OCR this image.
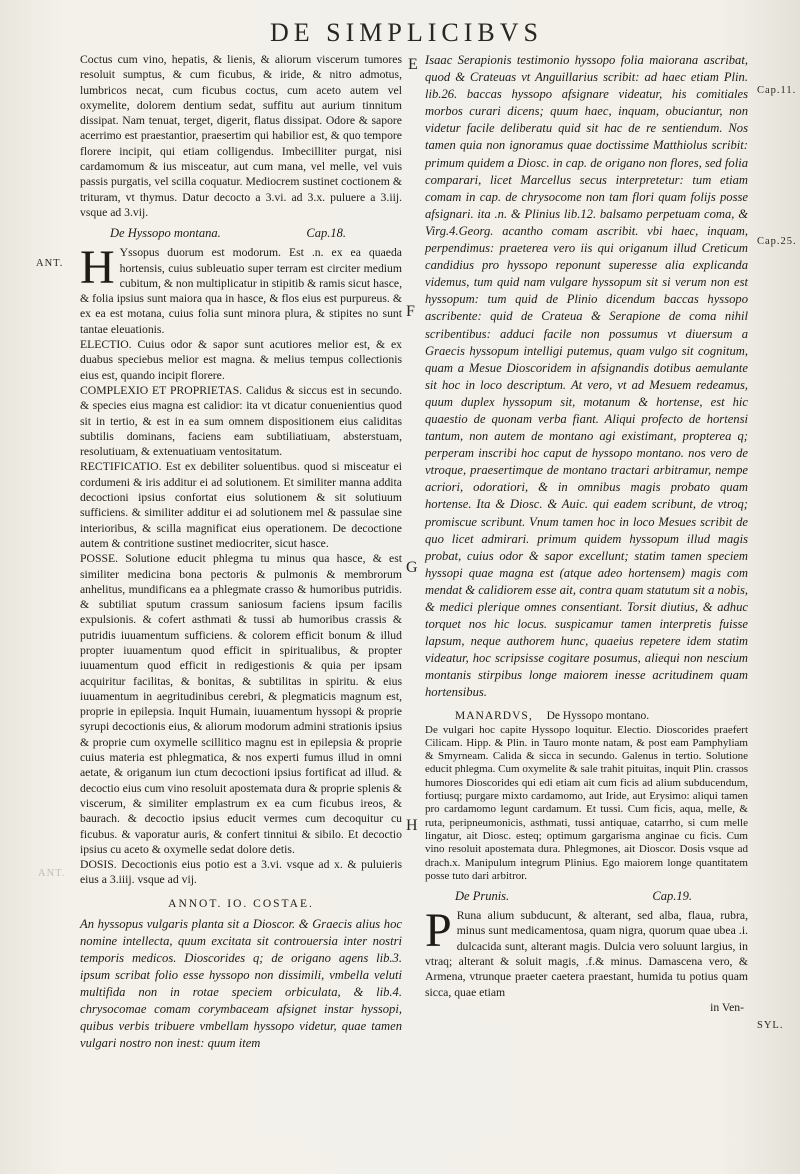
DE SIMPLICIBVS
E
F
G
H
ANT.
ANT.
Cap.11.
Cap.25.
SYL.

Coctus cum vino, hepatis, & lienis, & aliorum viscerum tumores resoluit sumptus, & cum ficubus, & iride, & nitro admotus, lumbricos necat, cum ficubus coctus, cum aceto autem vel oxymelite, dolorem dentium sedat, suffitu aut aurium tinnitum dissipat. Nam tenuat, terget, digerit, flatus dissipat. Odore & sapore acerrimo est praestantior, praesertim qui habilior est, & quo tempore florere incipit, qui etiam colligendus. Imbecilliter purgat, nisi cardamomum & ius misceatur, aut cum mana, vel melle, vel vuis passis purgatis, vel scilla coquatur. Mediocrem sustinet coctionem & trituram, vt thymus. Datur decocto a 3.vi. ad 3.x. puluere a 3.iij. vsque ad 3.vij.

De Hyssopo montana.	Cap.18.

H Yssopus duorum est modorum. Est .n. ex ea quaeda hortensis, cuius subleuatio super terram est circiter medium cubitum, & non multiplicatur in stipitib & ramis sicut hasce, & folia ipsius sunt maiora qua in hasce, & flos eius est purpureus. & ex ea est motana, cuius folia sunt minora plura, & stipites no sunt tantae eleuationis.

ELECTIO. Cuius odor & sapor sunt acutiores melior est, & ex duabus speciebus melior est magna. & melius tempus collectionis eius est, quando incipit florere.

COMPLEXIO ET PROPRIETAS. Calidus & siccus est in secundo. & species eius magna est calidior: ita vt dicatur conuenientius quod sit in tertio, & est in ea sum omnem dispositionem eius caliditas subtilis dominans, faciens eam subtiliatiuam, absterstuam, resolutiuam, & extenuatiuam ventositatum.

RECTIFICATIO. Est ex debiliter soluentibus. quod si misceatur ei cordumeni & iris additur ei ad solutionem. Et similiter manna addita decoctioni ipsius confortat eius solutionem & sit solutiuum sufficiens. & similiter additur ei ad solutionem mel & passulae sine interioribus, & scilla magnificat eius operationem. De decoctione autem & contritione sustinet mediocriter, sicut hasce.

POSSE. Solutione educit phlegma tu minus qua hasce, & est similiter medicina bona pectoris & pulmonis & membrorum anhelitus, mundificans ea a phlegmate crasso & humoribus putridis. & subtiliat sputum crassum saniosum faciens ipsum facilis expulsionis. & cofert asthmati & tussi ab humoribus crassis & putridis iuuamentum sufficiens. & colorem efficit bonum & illud propter iuuamentum quod efficit in spiritualibus, & propter iuuamentum quod efficit in redigestionis & quia per ipsam acquiritur facilitas, & bonitas, & subtilitas in spiritu. & eius iuuamentum in aegritudinibus cerebri, & plegmaticis magnum est, proprie in epilepsia. Inquit Humain, iuuamentum hyssopi & proprie syrupi decoctionis eius, & aliorum modorum admini strationis ipsius & proprie cum oxymelle scillitico magnu est in epilepsia & proprie cuius materia est phlegmatica, & nos experti fumus illud in omni aetate, & origanum iun ctum decoctioni ipsius fortificat ad illud. & decoctio eius cum vino resoluit apostemata dura & proprie splenis & viscerum, & similiter emplastrum ex ea cum ficubus ireos, & baurach. & decoctio ipsius educit vermes cum decoquitur cu ficubus. & vaporatur auris, & confert tinnitui & sibilo. Et decoctio ipsius cu aceto & oxymelle sedat dolore detis.

DOSIS. Decoctionis eius potio est a 3.vi. vsque ad x. & puluieris eius a 3.iiij. vsque ad vij.

ANNOT. IO. COSTAE.

An hyssopus vulgaris planta sit a Dioscor. & Graecis alius hoc nomine intellecta, quum excitata sit controuersia inter nostri temporis medicos. Dioscorides q; de origano agens lib.3. ipsum scribat folio esse hyssopo non dissimili, vmbella veluti multifida non in rotae speciem orbiculata, & lib.4. chrysocomae comam corymbaceam afsignet instar hyssopi, quibus verbis tribuere vmbellam hyssopo videtur, quae tamen vulgari nostro non inest: quum item

Isaac Serapionis testimonio hyssopo folia maiorana ascribat, quod & Crateuas vt Anguillarius scribit: ad haec etiam Plin. lib.26. baccas hyssopo afsignare videatur, his comitiales morbos curari dicens; quum haec, inquam, obuciantur, non videtur facile deliberatu quid sit hac de re sentiendum. Nos tamen quia non ignoramus quae doctissime Matthiolus scribit: primum quidem a Diosc. in cap. de origano non flores, sed folia comparari, licet Marcellus secus interpretetur: tum etiam comam in cap. de chrysocome non tam flori quam folijs posse afsignari. ita .n. & Plinius lib.12. balsamo perpetuam coma, & Virg.4.Georg. acantho comam ascribit. vbi haec, inquam, perpendimus: praeterea vero iis qui origanum illud Creticum candidius pro hyssopo reponunt superesse alia explicanda videmus, tum quid nam vulgare hyssopum sit si verum non est hyssopum: tum quid de Plinio dicendum baccas hyssopo ascribente: quid de Crateua & Serapione de coma nihil scribentibus: adduci facile non possumus vt diuersum a Graecis hyssopum intelligi putemus, quam vulgo sit cognitum, quam a Mesue Dioscoridem in afsignandis dotibus aemulante sit hoc in loco descriptum. At vero, vt ad Mesuem redeamus, quum duplex hyssopum sit, motanum & hortense, est hic quaestio de quonam verba fiant. Aliqui profecto de hortensi tantum, non autem de montano agi existimant, propterea q; perperam inscribi hoc caput de hyssopo montano. nos vero de vtroque, praesertimque de montano tractari arbitramur, nempe acriori, odoratiori, & in omnibus magis probato quam hortense. Ita & Diosc. & Auic. qui eadem scribunt, de vtroq; promiscue scribunt. Vnum tamen hoc in loco Mesues scribit de quo licet admirari. primum quidem hyssopum illud magis probat, cuius odor & sapor excellunt; statim tamen speciem hyssopi quae magna est (atque adeo hortensem) magis com mendat & calidiorem esse ait, contra quam statutum sit a nobis, & medici plerique omnes consentiant. Torsit diutius, & adhuc torquet nos hic locus. suspicamur tamen interpretis fuisse lapsum, neque authorem hunc, quaeius repetere idem statim videatur, hoc scripsisse cogitare posumus, aliequi non nescium montanis stirpibus longe maiorem inesse acritudinem quam hortensibus.

MANARDVS, De Hyssopo montano.

De vulgari hoc capite Hyssopo loquitur. Electio. Dioscorides praefert Cilicam. Hipp. & Plin. in Tauro monte natam, & post eam Pamphyliam & Smyrneam. Calida & sicca in secundo. Galenus in tertio. Solutione educit phlegma. Cum oxymelite & sale trahit pituitas, inquit Plin. crassos humores Dioscorides qui edi etiam ait cum ficis ad alium subducendum, fortiusq; purgare mixto cardamomo, aut Iride, aut Erysimo: aliqui tamen pro cardamomo legunt cardamum. Et tussi. Cum ficis, aqua, melle, & ruta, peripneumonicis, asthmati, tussi antiquae, catarrho, si cum melle lingatur, ait Diosc. esteq; optimum gargarisma anginae cu ficis. Cum vino resoluit apostemata dura. Phlegmones, ait Dioscor. Dosis vsque ad drach.x. Manipulum integrum Plinius. Ego maiorem longe quantitatem posse tuto dari arbitror.

De Prunis.	Cap.19.

P Runa alium subducunt, & alterant, sed alba, flaua, rubra, minus sunt medicamentosa, quam nigra, quorum quae ubea .i. dulcacida sunt, alterant magis. Dulcia vero soluunt largius, in vtraq; alterant & soluit magis, .f.& minus. Damascena vero, & Armena, vtrunque praeter caetera praestant, humida tu potius quam sicca, quae etiam

in Ven-
